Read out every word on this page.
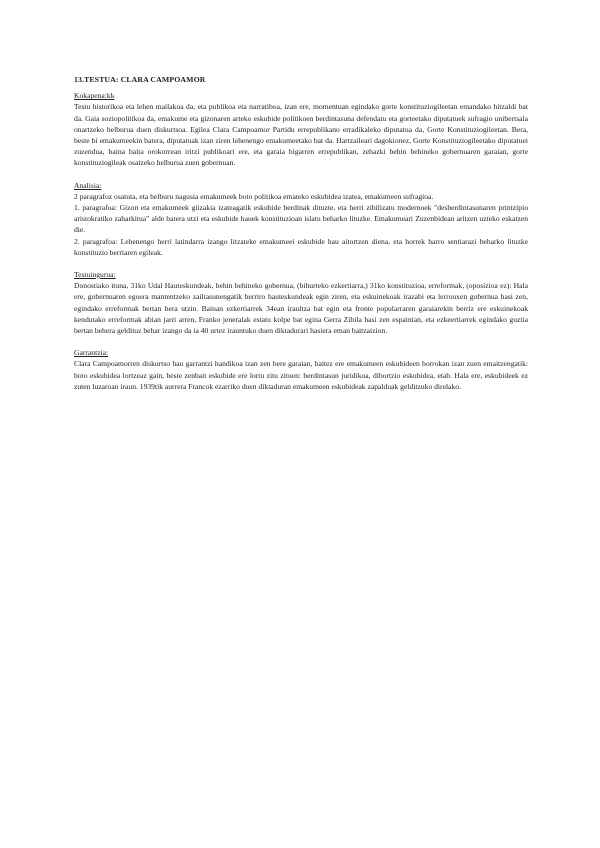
13.TESTUA: CLARA CAMPOAMOR

Kokapena:kk

Testu historikoa eta lehen mailakoa da, eta publikoa eta narratiboa, izan ere, momentuan egindako gorte konstituziogileetan emandako hitzaldi bat da. Gaia soziopolitikoa da, emakume eta gizonaren arteko eskubide politikoen berdintasuna defendatu eta gorteetako diputatuek sufragio unibertsala onartzeko helburua duen diskurtsoa. Egilea Clara Campoamor Partidu errepublikano erradikaleko diputatua da, Gorte Konstituziogileetan. Bera, beste bi emakumeekin batera, diputatuak izan ziren lehenengo emakumeetako bat da. Hartzaileari dagokionez, Gorte Konstituziogileetako diputatuei zuzendua, baina baita orokorrean iritzi publikoari ere, eta garaia bigarren errepublikan, zehazki behin behineko gobernuaren garaian, gorte konstituziogileak osatzeko helburua zuen gobernuan.

Analisia:

2 paragrafoz osatuta, eta helburu nagusia emakumeek boto politikoa emateko eskubidea izatea, emakumeen sufragioa.

1. paragrafoa: Gizon eta emakumeek giizakia izateagatik eskubide berdinak dituzte, eta herri zibilizatu modernoek "desberdintasunaren printzipio aristokratiko zaharkitua" alde batera utzi eta eskubide hauek konstituzioan islatu beharko lituzke. Emakumeari Zuzenbidean aritzen uzteko eskatzen die.

2. paragrafoa: Lehenengo herri latindarra izango litzateke emakumeei eskubide hau aitortzen diena, eta horrek harro sentiarazi beharko lituzke konstituzio berriaren egileak.

Testuingurua:

Donostiako ituna, 31ko Udal Hauteskundeak, behin behineko gobernua, (bihurteko ezkertiarra,) 31ko konstituzioa, erreformak, (oposizioa ez): Hala ere, gobernuaren egoera mantentzeko zailtasunengatik berriro hauteskundeak egin ziren, eta eskuinekoak irazabi eta lerrouxen gobernua hasi zen, egindako erreformak bertan bera utzin. Bainan ezkertiarrek 34ean iraultza bat egin eta fronte popularraren garaiarekin berriz ere eskuinekoak kendutako erreformak abian jarri arren, Franko jeneralak estatu kolpe bat egina Gerra Zibila hasi zen espainian, eta ezkeertiarrek egindako guztia bertan behera geldituz behar izango da ia 40 urtez irauntuko duen diktadurari hasiera eman baitzaizion.

Garrantzia:

Clara Campoamorren diskurtso hau garrantzi handikoa izan zen bere garaian, baitez ere emakumeen eskubideen borrokan izan zuen emaitzengatik: boto eskubidea lortzeaz gain, beste zenbait eskubide ere lortu zitu zituen: berdintasun juridikoa, dibortzio eskubidea, etab. Hala ere, eskubideek ez zuten luzaroan iraun. 1939tik aurrera Francok ezarriko duen diktaduran emakumeen eskubideak zapalduak gelditzuko direlako.
